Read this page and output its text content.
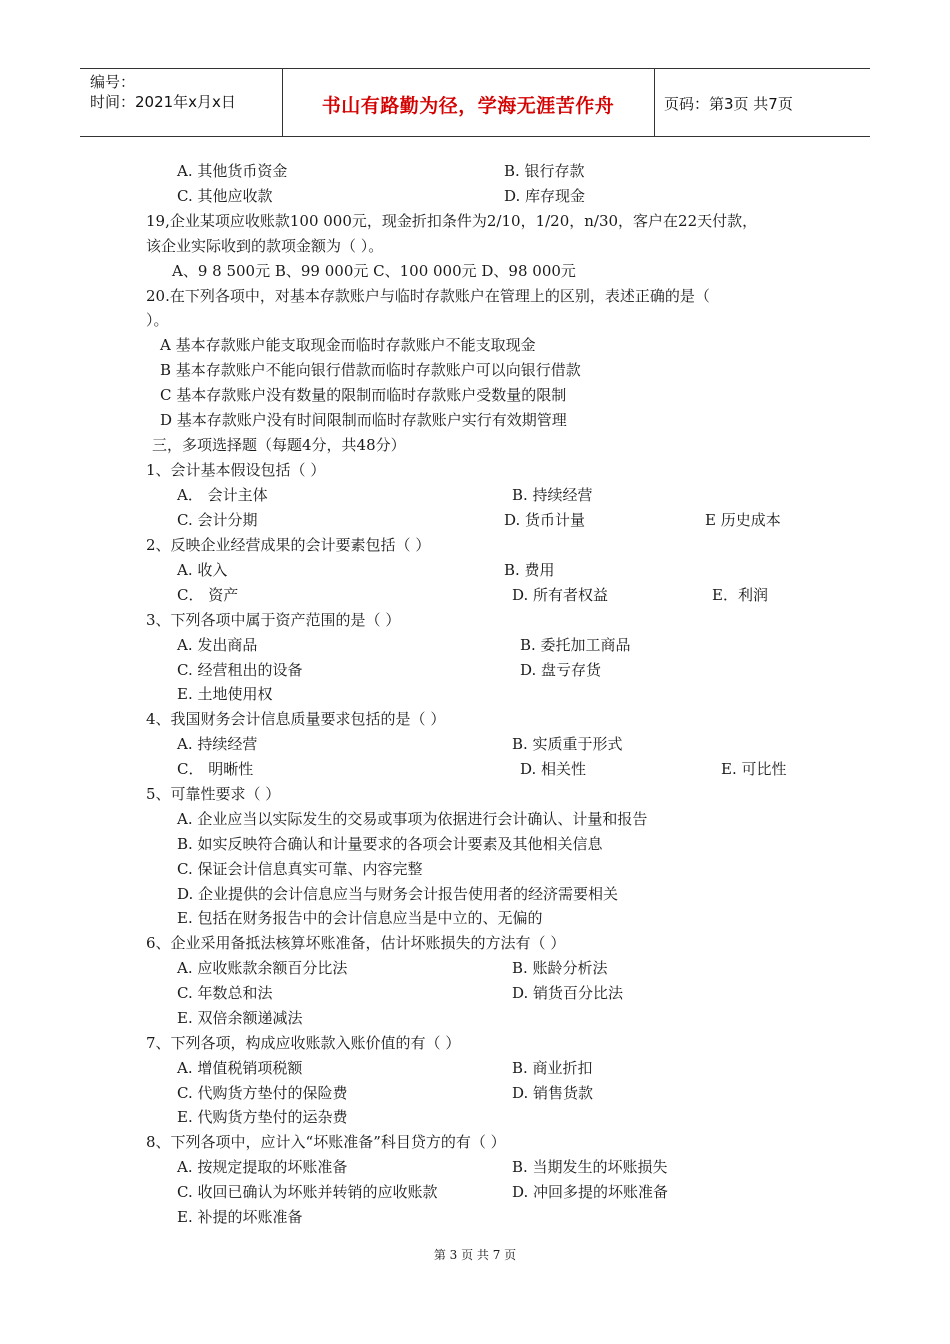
编号：
时间：2021年x月x日	书山有路勤为径，学海无涯苦作舟	页码：第3页 共7页
A. 其他货币资金	B. 银行存款
C. 其他应收款	D. 库存现金
19,企业某项应收账款100 000元，现金折扣条件为2/10，1/20，n/30，客户在22天付款，
该企业实际收到的款项金额为（ ）。
A、9 8 500元 B、99 000元 C、100 000元 D、98 000元
20.在下列各项中，对基本存款账户与临时存款账户在管理上的区别，表述正确的是（
）。
A 基本存款账户能支取现金而临时存款账户不能支取现金
B 基本存款账户不能向银行借款而临时存款账户可以向银行借款
C 基本存款账户没有数量的限制而临时存款账户受数量的限制
D 基本存款账户没有时间限制而临时存款账户实行有效期管理
三，多项选择题（每题4分，共48分）
1、会计基本假设包括（ ）
A． 会计主体	B. 持续经营
C. 会计分期	D. 货币计量	E 历史成本
2、反映企业经营成果的会计要素包括（ ）
A. 收入	B. 费用
C． 资产	D. 所有者权益	E．利润
3、下列各项中属于资产范围的是（ ）
A. 发出商品	B. 委托加工商品
C. 经营租出的设备	D. 盘亏存货
E. 土地使用权
4、我国财务会计信息质量要求包括的是（ ）
A. 持续经营	B. 实质重于形式
C． 明晰性	D. 相关性	E. 可比性
5、可靠性要求（ ）
A. 企业应当以实际发生的交易或事项为依据进行会计确认、计量和报告
B. 如实反映符合确认和计量要求的各项会计要素及其他相关信息
C. 保证会计信息真实可靠、内容完整
D. 企业提供的会计信息应当与财务会计报告使用者的经济需要相关
E. 包括在财务报告中的会计信息应当是中立的、无偏的
6、企业采用备抵法核算坏账准备，估计坏账损失的方法有（ ）
A. 应收账款余额百分比法	B. 账龄分析法
C. 年数总和法	D. 销货百分比法
E. 双倍余额递减法
7、下列各项，构成应收账款入账价值的有（ ）
A. 增值税销项税额	B. 商业折扣
C. 代购货方垫付的保险费	D. 销售货款
E. 代购货方垫付的运杂费
8、下列各项中，应计入“坏账准备”科目贷方的有（ ）
A. 按规定提取的坏账准备	B. 当期发生的坏账损失
C. 收回已确认为坏账并转销的应收账款	D. 冲回多提的坏账准备
E. 补提的坏账准备
第 3 页 共 7 页
